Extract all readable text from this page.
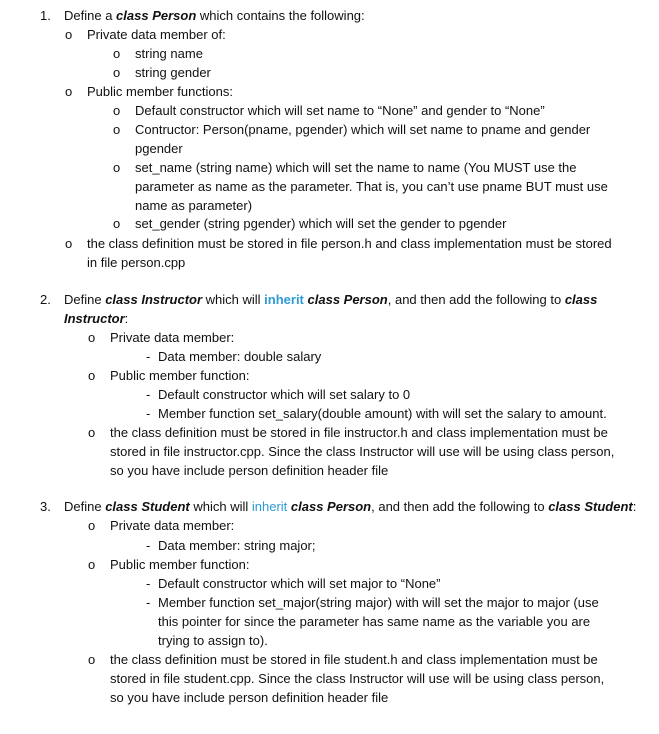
1. Define a class Person which contains the following:
o Private data member of:
o string name
o string gender
o Public member functions:
o Default constructor which will set name to “None” and gender to “None”
o Contructor: Person(pname, pgender) which will set name to pname and gender
pgender
o set_name (string name) which will set the name to name (You MUST use the
parameter as name as the parameter. That is, you can’t use pname BUT must use
name as parameter)
o set_gender (string pgender) which will set the gender to pgender
o the class definition must be stored in file person.h and class implementation must be stored
in file person.cpp
2. Define class Instructor which will inherit class Person, and then add the following to class
Instructor:
o Private data member:
- Data member: double salary
o Public member function:
- Default constructor which will set salary to 0
- Member function set_salary(double amount) with will set the salary to amount.
o the class definition must be stored in file instructor.h and class implementation must be
stored in file instructor.cpp. Since the class Instructor will use will be using class person,
so you have include person definition header file
3. Define class Student which will inherit class Person, and then add the following to class Student:
o Private data member:
- Data member: string major;
o Public member function:
- Default constructor which will set major to “None”
- Member function set_major(string major) with will set the major to major (use
this pointer for since the parameter has same name as the variable you are
trying to assign to).
o the class definition must be stored in file student.h and class implementation must be
stored in file student.cpp. Since the class Instructor will use will be using class person,
so you have include person definition header file
